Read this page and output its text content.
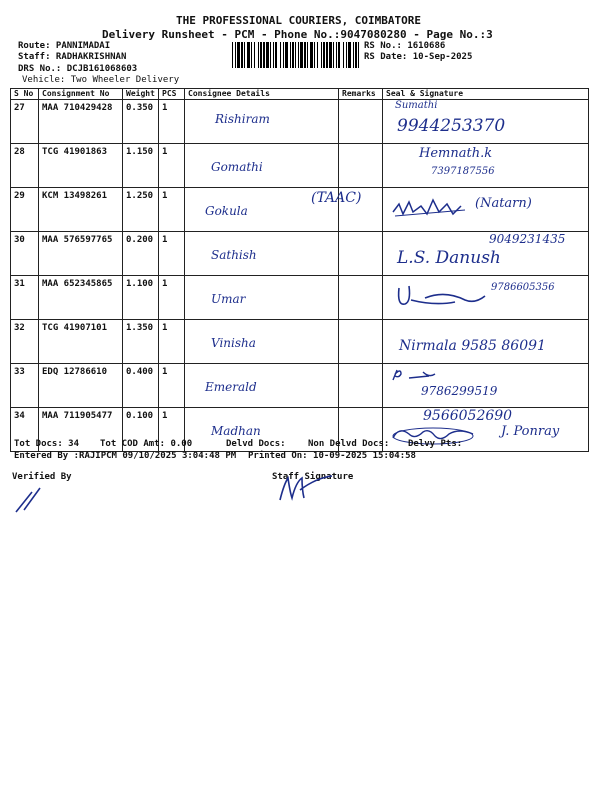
THE PROFESSIONAL COURIERS, COIMBATORE
Delivery Runsheet - PCM - Phone No.:9047080280 - Page No.:3
Route: PANNIMADAI
Staff: RADHAKRISHNAN
DRS No.: DCJB161068603
Vehicle: Two Wheeler Delivery
RS No.: 1610686
RS Date: 10-Sep-2025
S No	Consignment No	Weight	PCS	Consignee Details	Remarks	Seal & Signature
27	MAA 710429428	0.350	1	Rishiram		Sumathi
9944253370

28	TCG 41901863	1.150	1	Gomathi		Hemnath.k
7397187556

29	KCM 13498261	1.250	1	Gokula	(TAAC)	(Natarn)

30	MAA 576597765	0.200	1	Sathish		9049231435
L.S. Danush

31	MAA 652345865	1.100	1	Umar		9786605356

32	TCG 41907101	1.350	1	Vinisha		Nirmala 9585 86091

33	EDQ 12786610	0.400	1	Emerald		9786299519

34	MAA 711905477	0.100	1	Madhan		9566052690
J. Ponray
Tot Docs: 34 Tot COD Amt: 0.00	Delvd Docs: Non Delvd Docs: Delvy Pts:
Entered By :RAJIPCM 09/10/2025 3:04:48 PM Printed On: 10-09-2025 15:04:58
Verified By	Staff Signature
